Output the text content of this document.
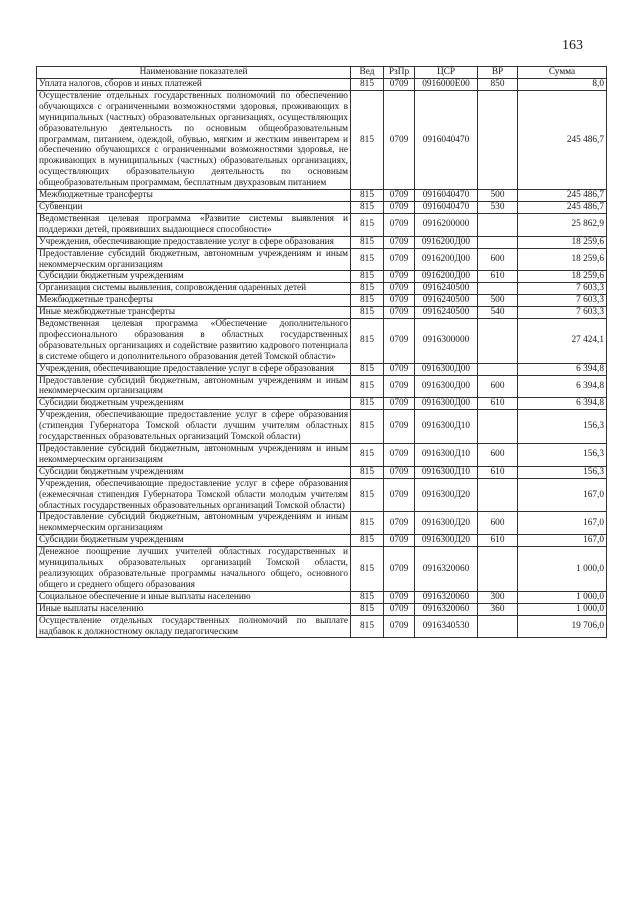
163
Наименование показателей	Вед	РзПр	ЦСР	ВР	Сумма
Уплата налогов, сборов и иных платежей	815	0709	0916000Е00	850	8,0
Осуществление отдельных государственных полномочий по обеспечению обучающихся с ограниченными возможностями здоровья, проживающих в муниципальных (частных) образовательных организациях, осуществляющих образовательную деятельность по основным общеобразовательным программам, питанием, одеждой, обувью, мягким и жестким инвентарем и обеспечению обучающихся с ограниченными возможностями здоровья, не проживающих в муниципальных (частных) образовательных организациях, осуществляющих образовательную деятельность по основным общеобразовательным программам, бесплатным двухразовым питанием	815	0709	0916040470		245 486,7
Межбюджетные трансферты	815	0709	0916040470	500	245 486,7
Субвенции	815	0709	0916040470	530	245 486,7
Ведомственная целевая программа «Развитие системы выявления и поддержки детей, проявивших выдающиеся способности»	815	0709	0916200000		25 862,9
Учреждения, обеспечивающие предоставление услуг в сфере образования	815	0709	0916200Д00		18 259,6
Предоставление субсидий бюджетным, автономным учреждениям и иным некоммерческим организациям	815	0709	0916200Д00	600	18 259,6
Субсидии бюджетным учреждениям	815	0709	0916200Д00	610	18 259,6
Организация системы выявления, сопровождения одаренных детей	815	0709	0916240500		7 603,3
Межбюджетные трансферты	815	0709	0916240500	500	7 603,3
Иные межбюджетные трансферты	815	0709	0916240500	540	7 603,3
Ведомственная целевая программа «Обеспечение дополнительного профессионального образования в областных государственных образовательных организациях и содействие развитию кадрового потенциала в системе общего и дополнительного образования детей Томской области»	815	0709	0916300000		27 424,1
Учреждения, обеспечивающие предоставление услуг в сфере образования	815	0709	0916300Д00		6 394,8
Предоставление субсидий бюджетным, автономным учреждениям и иным некоммерческим организациям	815	0709	0916300Д00	600	6 394,8
Субсидии бюджетным учреждениям	815	0709	0916300Д00	610	6 394,8
Учреждения, обеспечивающие предоставление услуг в сфере образования (стипендия Губернатора Томской области лучшим учителям областных государственных образовательных организаций Томской области)	815	0709	0916300Д10		156,3
Предоставление субсидий бюджетным, автономным учреждениям и иным некоммерческим организациям	815	0709	0916300Д10	600	156,3
Субсидии бюджетным учреждениям	815	0709	0916300Д10	610	156,3
Учреждения, обеспечивающие предоставление услуг в сфере образования (ежемесячная стипендия Губернатора Томской области молодым учителям областных государственных образовательных организаций Томской области)	815	0709	0916300Д20		167,0
Предоставление субсидий бюджетным, автономным учреждениям и иным некоммерческим организациям	815	0709	0916300Д20	600	167,0
Субсидии бюджетным учреждениям	815	0709	0916300Д20	610	167,0
Денежное поощрение лучших учителей областных государственных и муниципальных образовательных организаций Томской области, реализующих образовательные программы начального общего, основного общего и среднего общего образования	815	0709	0916320060		1 000,0
Социальное обеспечение и иные выплаты населению	815	0709	0916320060	300	1 000,0
Иные выплаты населению	815	0709	0916320060	360	1 000,0
Осуществление отдельных государственных полномочий по выплате надбавок к должностному окладу педагогическим	815	0709	0916340530		19 706,0
